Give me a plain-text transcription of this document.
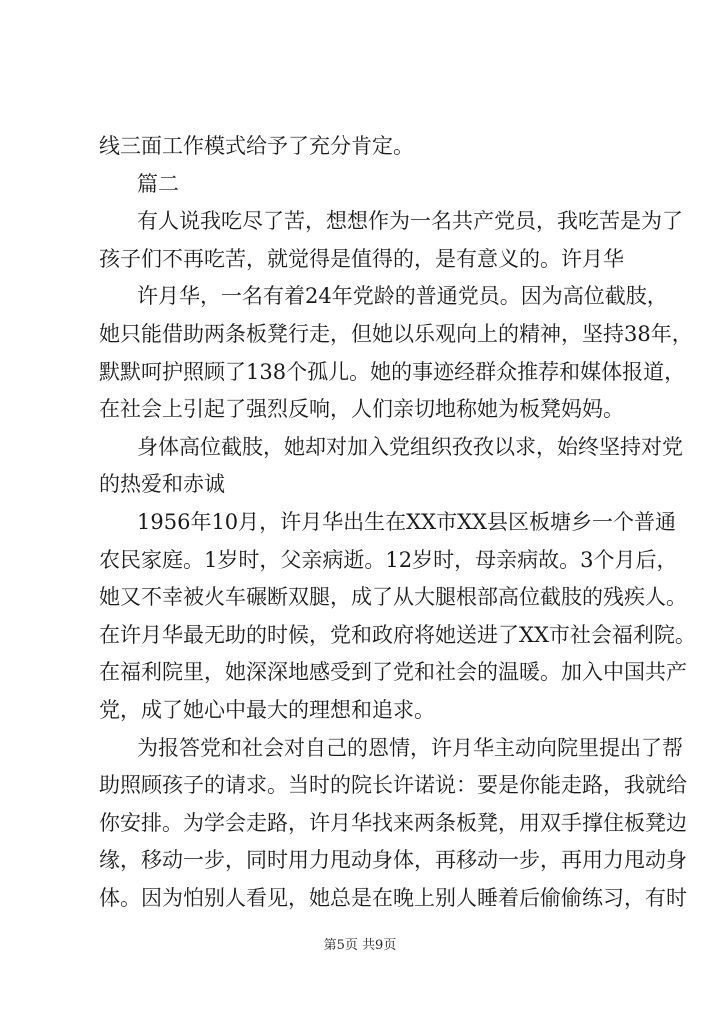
线三面工作模式给予了充分肯定。
篇二
有人说我吃尽了苦，想想作为一名共产党员，我吃苦是为了
孩子们不再吃苦，就觉得是值得的，是有意义的。许月华
许月华，一名有着24年党龄的普通党员。因为高位截肢，
她只能借助两条板凳行走，但她以乐观向上的精神，坚持38年，
默默呵护照顾了138个孤儿。她的事迹经群众推荐和媒体报道，
在社会上引起了强烈反响，人们亲切地称她为板凳妈妈。
身体高位截肢，她却对加入党组织孜孜以求，始终坚持对党
的热爱和赤诚
1956年10月，许月华出生在XX市XX县区板塘乡一个普通
农民家庭。1岁时，父亲病逝。12岁时，母亲病故。3个月后，
她又不幸被火车碾断双腿，成了从大腿根部高位截肢的残疾人。
在许月华最无助的时候，党和政府将她送进了XX市社会福利院。
在福利院里，她深深地感受到了党和社会的温暖。加入中国共产
党，成了她心中最大的理想和追求。
为报答党和社会对自己的恩情，许月华主动向院里提出了帮
助照顾孩子的请求。当时的院长许诺说：要是你能走路，我就给
你安排。为学会走路，许月华找来两条板凳，用双手撑住板凳边
缘，移动一步，同时用力甩动身体，再移动一步，再用力甩动身
体。因为怕别人看见，她总是在晚上别人睡着后偷偷练习，有时
第5页 共9页
